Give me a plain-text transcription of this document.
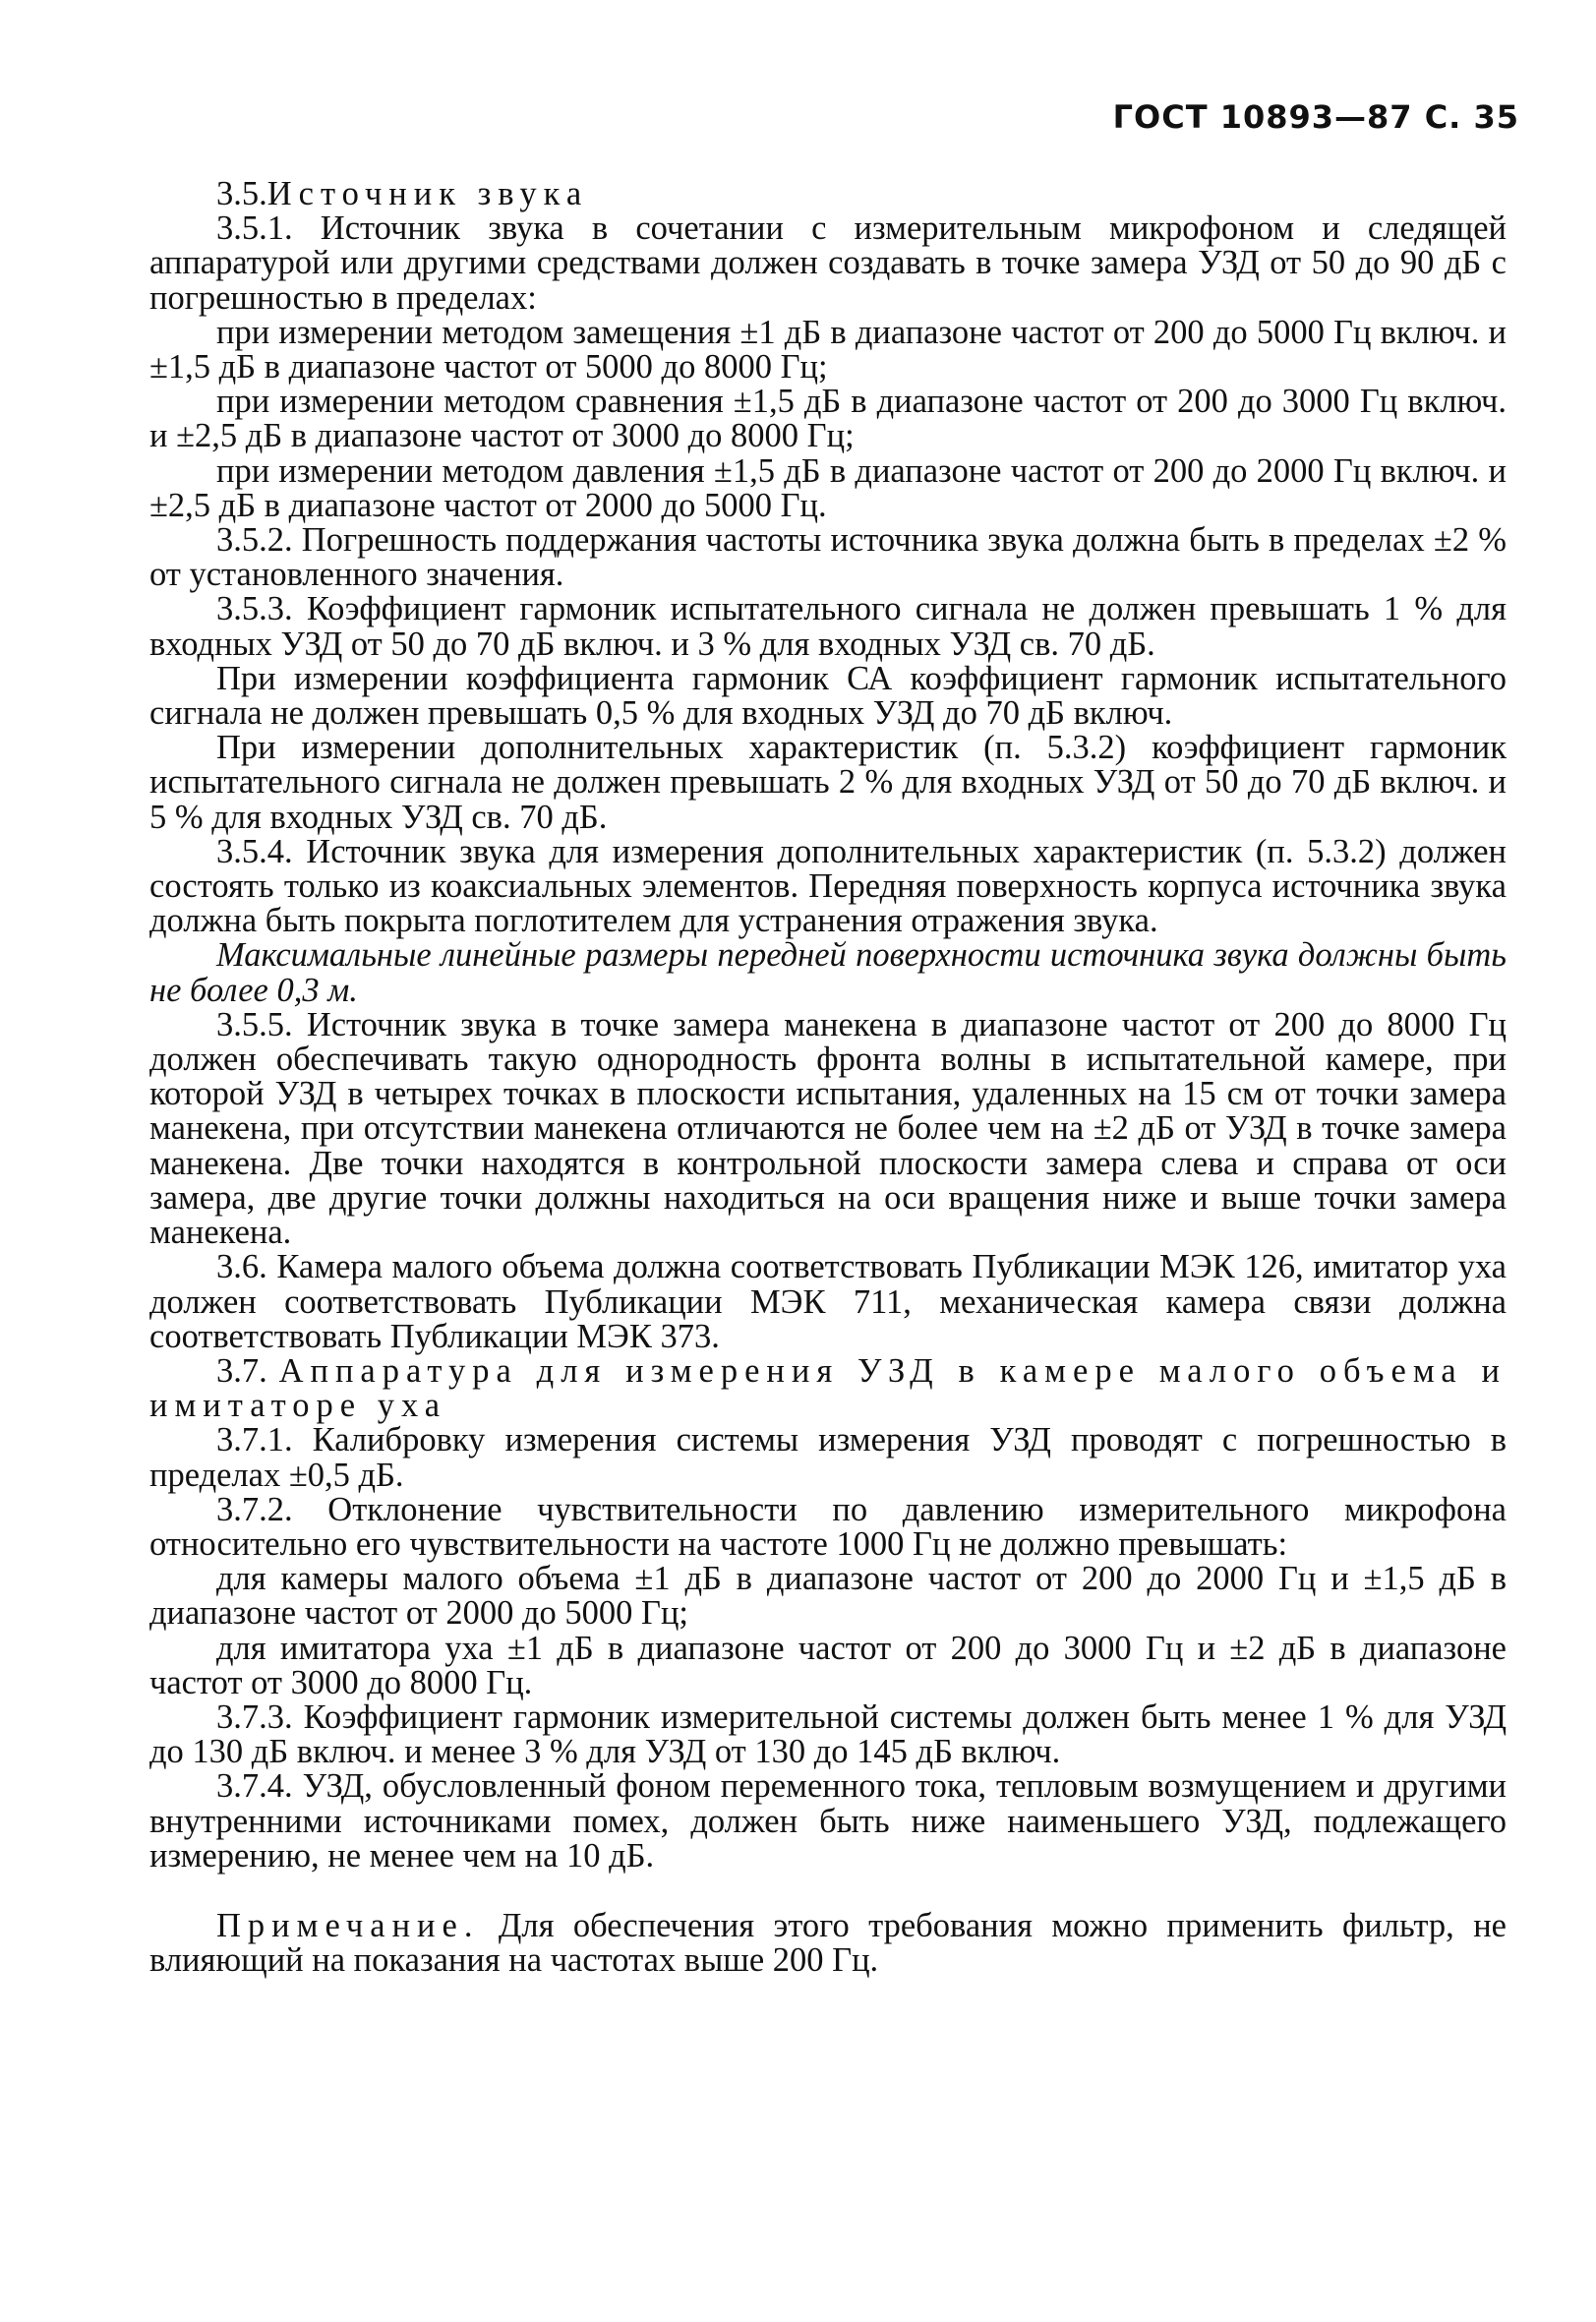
ГОСТ 10893—87 С. 35

3.5.Источник звука

3.5.1. Источник звука в сочетании с измерительным микрофоном и следящей аппаратурой или другими средствами должен создавать в точке замера УЗД от 50 до 90 дБ с погрешностью в пределах:

при измерении методом замещения ±1 дБ в диапазоне частот от 200 до 5000 Гц включ. и ±1,5 дБ в диапазоне частот от 5000 до 8000 Гц;

при измерении методом сравнения ±1,5 дБ в диапазоне частот от 200 до 3000 Гц включ. и ±2,5 дБ в диапазоне частот от 3000 до 8000 Гц;

при измерении методом давления ±1,5 дБ в диапазоне частот от 200 до 2000 Гц включ. и ±2,5 дБ в диапазоне частот от 2000 до 5000 Гц.

3.5.2. Погрешность поддержания частоты источника звука должна быть в пределах ±2 % от установленного значения.

3.5.3. Коэффициент гармоник испытательного сигнала не должен превышать 1 % для входных УЗД от 50 до 70 дБ включ. и 3 % для входных УЗД св. 70 дБ.

При измерении коэффициента гармоник СА коэффициент гармоник испытательного сигнала не должен превышать 0,5 % для входных УЗД до 70 дБ включ.

При измерении дополнительных характеристик (п. 5.3.2) коэффициент гармоник испытательного сигнала не должен превышать 2 % для входных УЗД от 50 до 70 дБ включ. и 5 % для входных УЗД св. 70 дБ.

3.5.4. Источник звука для измерения дополнительных характеристик (п. 5.3.2) должен состоять только из коаксиальных элементов. Передняя поверхность корпуса источника звука должна быть покрыта поглотителем для устранения отражения звука.

Максимальные линейные размеры передней поверхности источника звука должны быть не более 0,3 м.

3.5.5. Источник звука в точке замера манекена в диапазоне частот от 200 до 8000 Гц должен обеспечивать такую однородность фронта волны в испытательной камере, при которой УЗД в четырех точках в плоскости испытания, удаленных на 15 см от точки замера манекена, при отсутствии манекена отличаются не более чем на ±2 дБ от УЗД в точке замера манекена. Две точки находятся в контрольной плоскости замера слева и справа от оси замера, две другие точки должны находиться на оси вращения ниже и выше точки замера манекена.

3.6. Камера малого объема должна соответствовать Публикации МЭК 126, имитатор уха должен соответствовать Публикации МЭК 711, механическая камера связи должна соответствовать Публикации МЭК 373.

3.7. Аппаратура для измерения УЗД в камере малого объема и имитаторе уха

3.7.1. Калибровку измерения системы измерения УЗД проводят с погрешностью в пределах ±0,5 дБ.

3.7.2. Отклонение чувствительности по давлению измерительного микрофона относительно его чувствительности на частоте 1000 Гц не должно превышать:

для камеры малого объема ±1 дБ в диапазоне частот от 200 до 2000 Гц и ±1,5 дБ в диапазоне частот от 2000 до 5000 Гц;

для имитатора уха ±1 дБ в диапазоне частот от 200 до 3000 Гц и ±2 дБ в диапазоне частот от 3000 до 8000 Гц.

3.7.3. Коэффициент гармоник измерительной системы должен быть менее 1 % для УЗД до 130 дБ включ. и менее 3 % для УЗД от 130 до 145 дБ включ.

3.7.4. УЗД, обусловленный фоном переменного тока, тепловым возмущением и другими внутренними источниками помех, должен быть ниже наименьшего УЗД, подлежащего измерению, не менее чем на 10 дБ.

Примечание. Для обеспечения этого требования можно применить фильтр, не влияющий на показания на частотах выше 200 Гц.
